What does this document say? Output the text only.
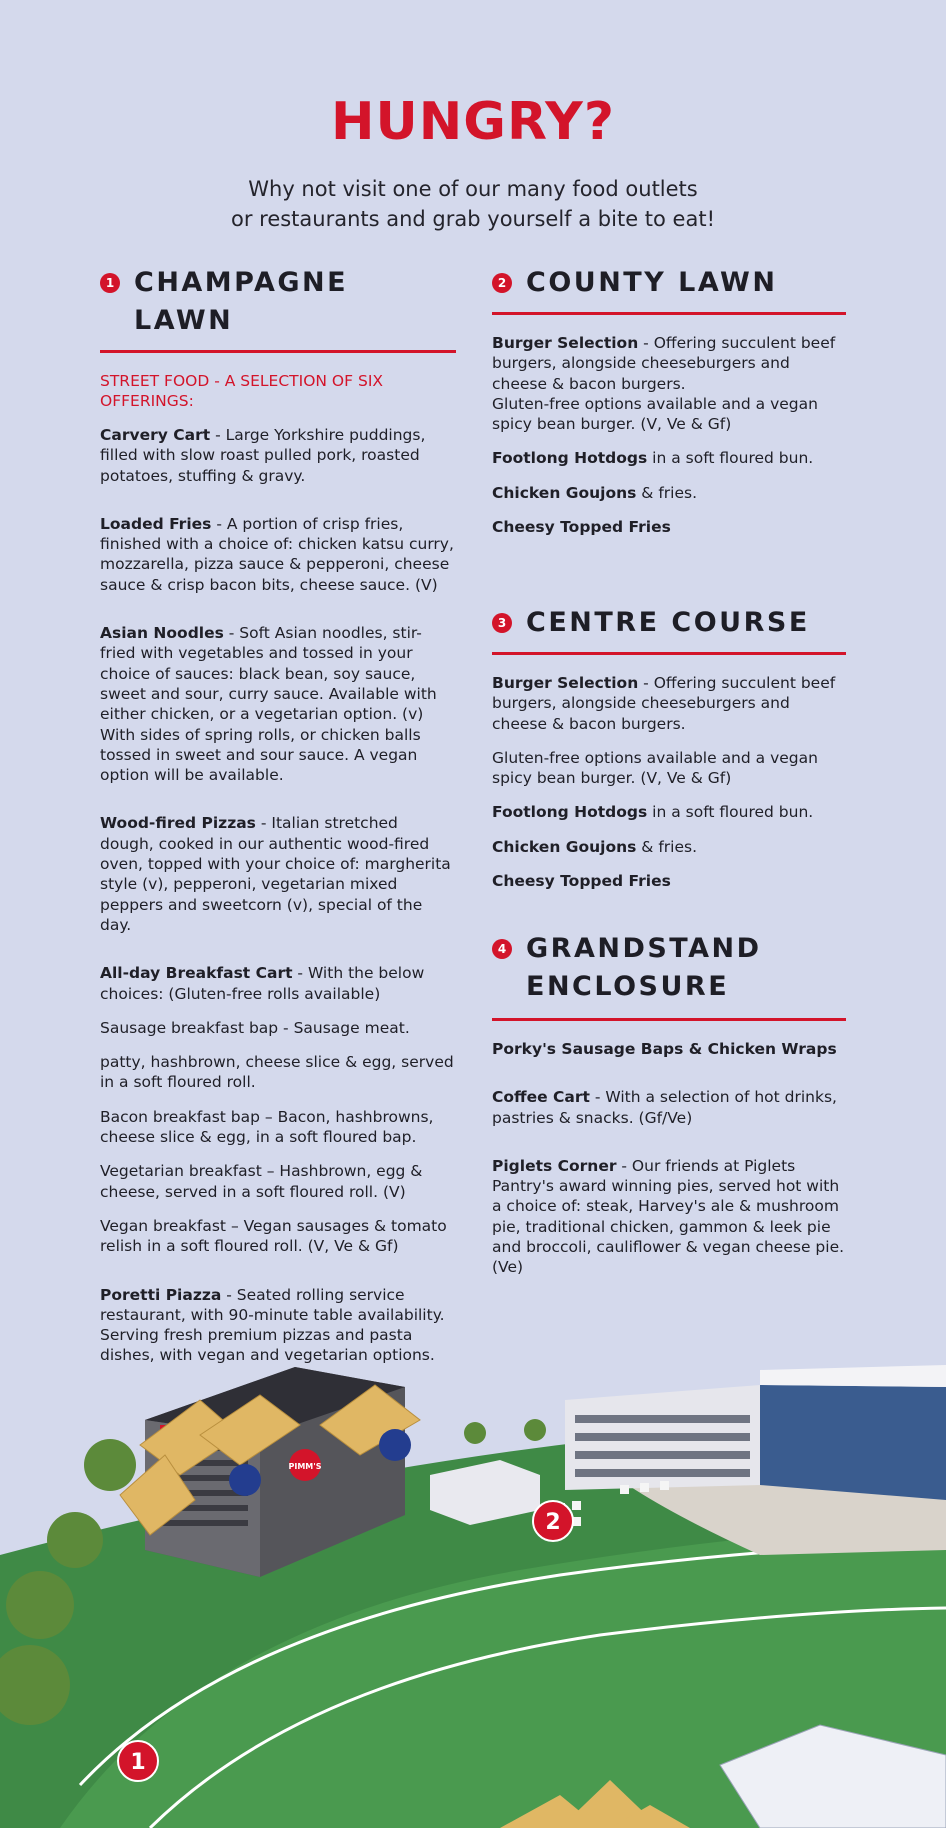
HUNGRY?
Why not visit one of our many food outlets
or restaurants and grab yourself a bite to eat!
1 CHAMPAGNE LAWN
STREET FOOD - A SELECTION OF SIX OFFERINGS:

Carvery Cart - Large Yorkshire puddings, filled with slow roast pulled pork, roasted potatoes, stuffing & gravy.

Loaded Fries - A portion of crisp fries, finished with a choice of: chicken katsu curry, mozzarella, pizza sauce & pepperoni, cheese sauce & crisp bacon bits, cheese sauce. (V)

Asian Noodles - Soft Asian noodles, stir-fried with vegetables and tossed in your choice of sauces: black bean, soy sauce, sweet and sour, curry sauce. Available with either chicken, or a vegetarian option. (v) With sides of spring rolls, or chicken balls tossed in sweet and sour sauce. A vegan option will be available.

Wood-fired Pizzas - Italian stretched dough, cooked in our authentic wood-fired oven, topped with your choice of: margherita style (v), pepperoni, vegetarian mixed peppers and sweetcorn (v), special of the day.

All-day Breakfast Cart - With the below choices: (Gluten-free rolls available)

Sausage breakfast bap - Sausage meat.

patty, hashbrown, cheese slice & egg, served in a soft floured roll.

Bacon breakfast bap – Bacon, hashbrowns, cheese slice & egg, in a soft floured bap.

Vegetarian breakfast – Hashbrown, egg & cheese, served in a soft floured roll. (V)

Vegan breakfast – Vegan sausages & tomato relish in a soft floured roll. (V, Ve & Gf)

Poretti Piazza - Seated rolling service restaurant, with 90-minute table availability. Serving fresh premium pizzas and pasta dishes, with vegan and vegetarian options.

2 COUNTY LAWN

Burger Selection - Offering succulent beef burgers, alongside cheeseburgers and cheese & bacon burgers.

Gluten-free options available and a vegan spicy bean burger. (V, Ve & Gf)

Footlong Hotdogs in a soft floured bun.

Chicken Goujons & fries.

Cheesy Topped Fries

3 CENTRE COURSE

Burger Selection - Offering succulent beef burgers, alongside cheeseburgers and cheese & bacon burgers.

Gluten-free options available and a vegan spicy bean burger. (V, Ve & Gf)

Footlong Hotdogs in a soft floured bun.

Chicken Goujons & fries.

Cheesy Topped Fries

4 GRANDSTAND
ENCLOSURE

Porky's Sausage Baps & Chicken Wraps

Coffee Cart - With a selection of hot drinks, pastries & snacks. (Gf/Ve)

Piglets Corner - Our friends at Piglets Pantry's award winning pies, served hot with a choice of: steak, Harvey's ale & mushroom pie, traditional chicken, gammon & leek pie and broccoli, cauliflower & vegan cheese pie. (Ve)

PIMM'S
1
2
